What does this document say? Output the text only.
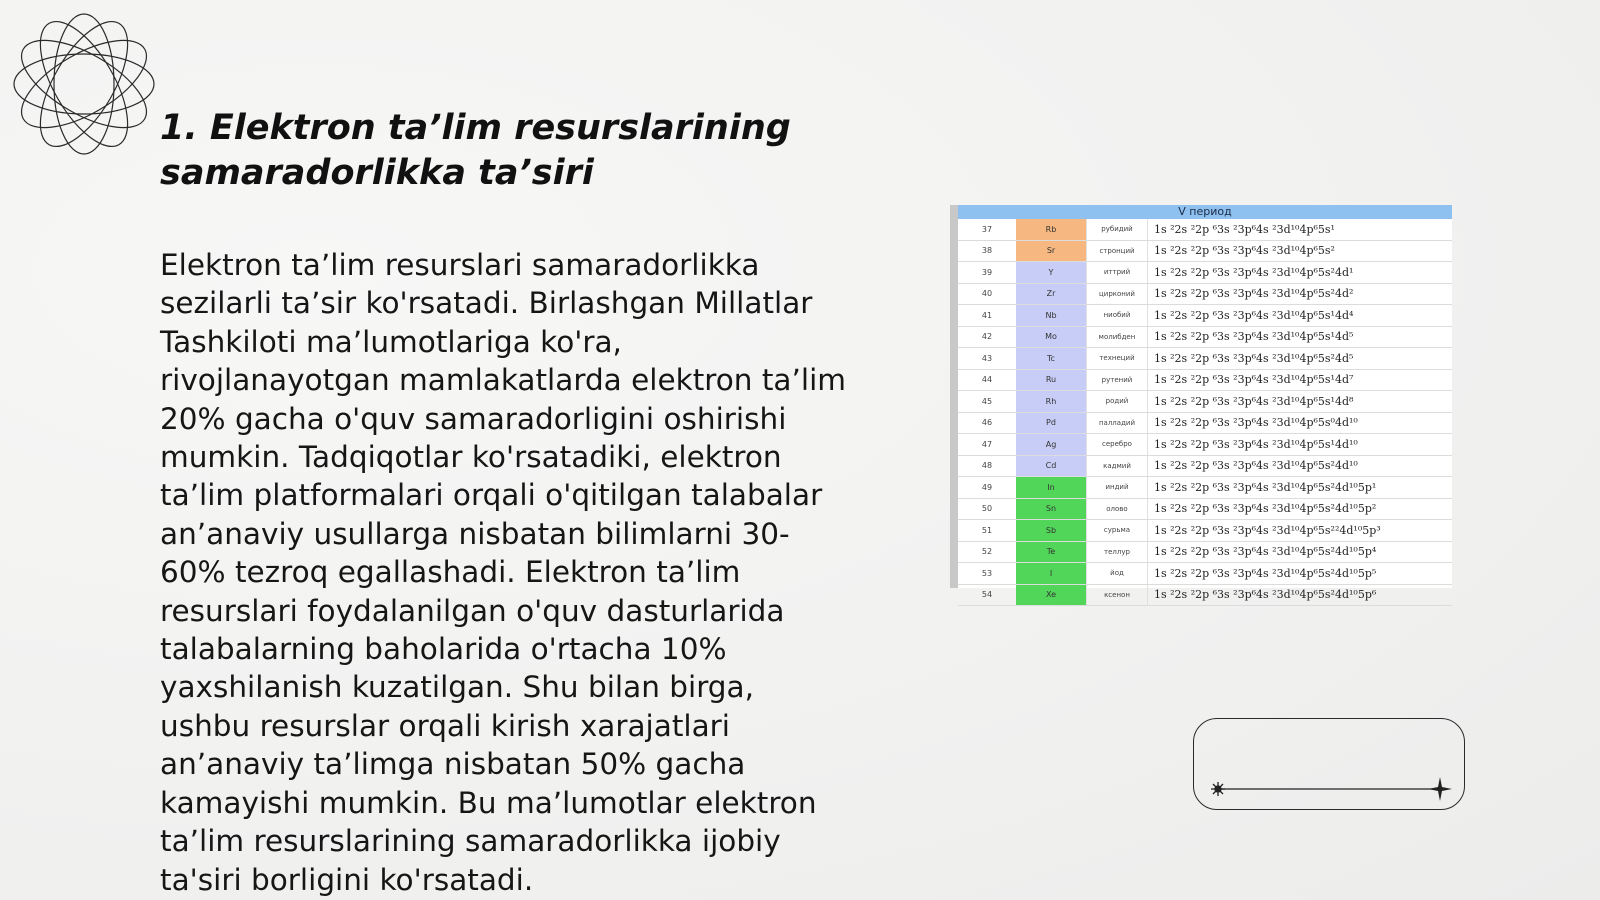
1. Elektron ta’lim resurslarining samaradorlikka ta’siri

Elektron ta’lim resurslari samaradorlikka sezilarli ta’sir ko'rsatadi. Birlashgan Millatlar Tashkiloti ma’lumotlariga ko'ra, rivojlanayotgan mamlakatlarda elektron ta’lim 20% gacha o'quv samaradorligini oshirishi mumkin. Tadqiqotlar ko'rsatadiki, elektron ta’lim platformalari orqali o'qitilgan talabalar an’anaviy usullarga nisbatan bilimlarni 30-60% tezroq egallashadi. Elektron ta’lim resurslari foydalanilgan o'quv dasturlarida talabalarning baholarida o'rtacha 10% yaxshilanish kuzatilgan. Shu bilan birga, ushbu resurslar orqali kirish xarajatlari an’anaviy ta’limga nisbatan 50% gacha kamayishi mumkin. Bu ma’lumotlar elektron ta’lim resurslarining samaradorlikka ijobiy ta'siri borligini ko'rsatadi.

V период
37	Rb	рубидий	1s ²2s ²2p ⁶3s ²3p⁶4s ²3d¹⁰4p⁶5s¹
38	Sr	стронций	1s ²2s ²2p ⁶3s ²3p⁶4s ²3d¹⁰4p⁶5s²
39	Y	иттрий	1s ²2s ²2p ⁶3s ²3p⁶4s ²3d¹⁰4p⁶5s²4d¹
40	Zr	цирконий	1s ²2s ²2p ⁶3s ²3p⁶4s ²3d¹⁰4p⁶5s²4d²
41	Nb	ниобий	1s ²2s ²2p ⁶3s ²3p⁶4s ²3d¹⁰4p⁶5s¹4d⁴
42	Mo	молибден	1s ²2s ²2p ⁶3s ²3p⁶4s ²3d¹⁰4p⁶5s¹4d⁵
43	Tc	технеций	1s ²2s ²2p ⁶3s ²3p⁶4s ²3d¹⁰4p⁶5s²4d⁵
44	Ru	рутений	1s ²2s ²2p ⁶3s ²3p⁶4s ²3d¹⁰4p⁶5s¹4d⁷
45	Rh	родий	1s ²2s ²2p ⁶3s ²3p⁶4s ²3d¹⁰4p⁶5s¹4d⁸
46	Pd	палладий	1s ²2s ²2p ⁶3s ²3p⁶4s ²3d¹⁰4p⁶5s⁰4d¹⁰
47	Ag	серебро	1s ²2s ²2p ⁶3s ²3p⁶4s ²3d¹⁰4p⁶5s¹4d¹⁰
48	Cd	кадмий	1s ²2s ²2p ⁶3s ²3p⁶4s ²3d¹⁰4p⁶5s²4d¹⁰
49	In	индий	1s ²2s ²2p ⁶3s ²3p⁶4s ²3d¹⁰4p⁶5s²4d¹⁰5p¹
50	Sn	олово	1s ²2s ²2p ⁶3s ²3p⁶4s ²3d¹⁰4p⁶5s²4d¹⁰5p²
51	Sb	сурьма	1s ²2s ²2p ⁶3s ²3p⁶4s ²3d¹⁰4p⁶5s²²4d¹⁰5p³
52	Te	теллур	1s ²2s ²2p ⁶3s ²3p⁶4s ²3d¹⁰4p⁶5s²4d¹⁰5p⁴
53	I	йод	1s ²2s ²2p ⁶3s ²3p⁶4s ²3d¹⁰4p⁶5s²4d¹⁰5p⁵
54	Xe	ксенон	1s ²2s ²2p ⁶3s ²3p⁶4s ²3d¹⁰4p⁶5s²4d¹⁰5p⁶
